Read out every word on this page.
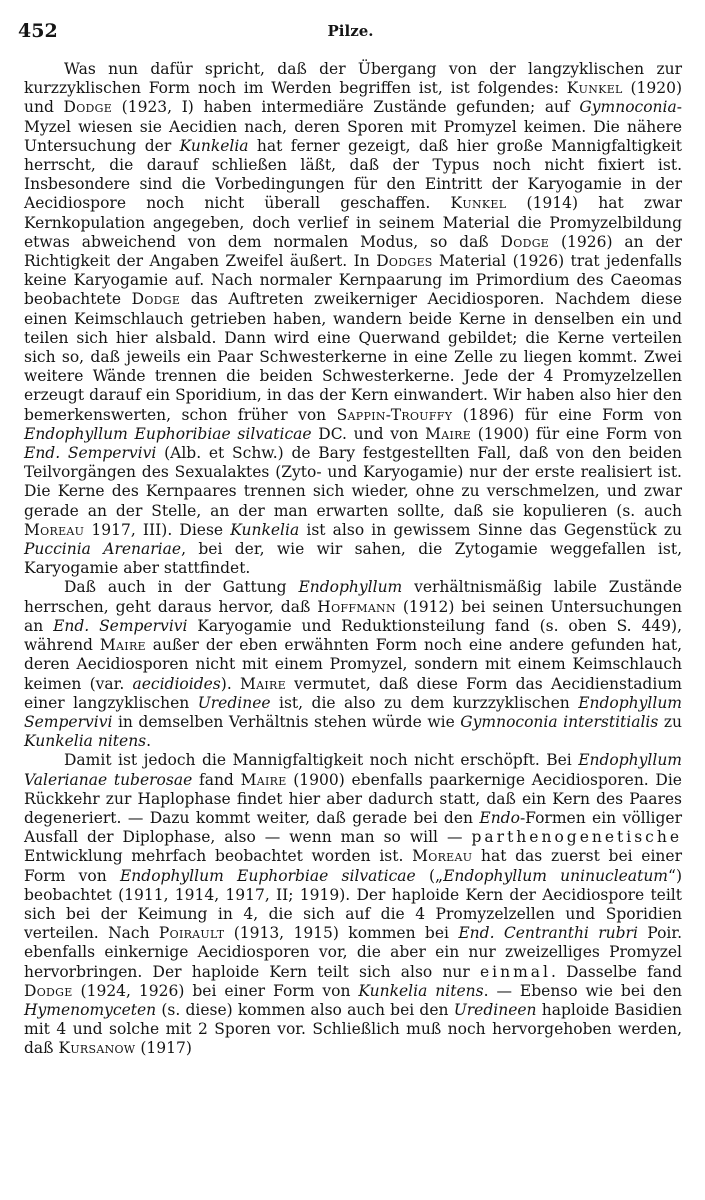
452	Pilze.

Was nun dafür spricht, daß der Übergang von der langzyklischen zur kurzzyklischen Form noch im Werden begriffen ist, ist folgendes: Kunkel (1920) und Dodge (1923, I) haben intermediäre Zustände gefunden; auf Gymnoconia-Myzel wiesen sie Aecidien nach, deren Sporen mit Promyzel keimen. Die nähere Untersuchung der Kunkelia hat ferner gezeigt, daß hier große Mannigfaltigkeit herrscht, die darauf schließen läßt, daß der Typus noch nicht fixiert ist. Insbesondere sind die Vorbedingungen für den Eintritt der Karyogamie in der Aecidiospore noch nicht überall geschaffen. Kunkel (1914) hat zwar Kernkopulation angegeben, doch verlief in seinem Material die Promyzelbildung etwas abweichend von dem normalen Modus, so daß Dodge (1926) an der Richtigkeit der Angaben Zweifel äußert. In Dodges Material (1926) trat jedenfalls keine Karyogamie auf. Nach normaler Kernpaarung im Primordium des Caeomas beobachtete Dodge das Auftreten zweikerniger Aecidiosporen. Nachdem diese einen Keimschlauch getrieben haben, wandern beide Kerne in denselben ein und teilen sich hier alsbald. Dann wird eine Querwand gebildet; die Kerne verteilen sich so, daß jeweils ein Paar Schwesterkerne in eine Zelle zu liegen kommt. Zwei weitere Wände trennen die beiden Schwesterkerne. Jede der 4 Promyzelzellen erzeugt darauf ein Sporidium, in das der Kern einwandert. Wir haben also hier den bemerkenswerten, schon früher von Sappin-Trouffy (1896) für eine Form von Endophyllum Euphoribiae silvaticae DC. und von Maire (1900) für eine Form von End. Sempervivi (Alb. et Schw.) de Bary festgestellten Fall, daß von den beiden Teilvorgängen des Sexualaktes (Zyto- und Karyogamie) nur der erste realisiert ist. Die Kerne des Kernpaares trennen sich wieder, ohne zu verschmelzen, und zwar gerade an der Stelle, an der man erwarten sollte, daß sie kopulieren (s. auch Moreau 1917, III). Diese Kunkelia ist also in gewissem Sinne das Gegenstück zu Puccinia Arenariae, bei der, wie wir sahen, die Zytogamie weggefallen ist, Karyogamie aber stattfindet.

Daß auch in der Gattung Endophyllum verhältnismäßig labile Zustände herrschen, geht daraus hervor, daß Hoffmann (1912) bei seinen Untersuchungen an End. Sempervivi Karyogamie und Reduktionsteilung fand (s. oben S. 449), während Maire außer der eben erwähnten Form noch eine andere gefunden hat, deren Aecidiosporen nicht mit einem Promyzel, sondern mit einem Keimschlauch keimen (var. aecidioides). Maire vermutet, daß diese Form das Aecidienstadium einer langzyklischen Uredinee ist, die also zu dem kurzzyklischen Endophyllum Sempervivi in demselben Verhältnis stehen würde wie Gymnoconia interstitialis zu Kunkelia nitens.

Damit ist jedoch die Mannigfaltigkeit noch nicht erschöpft. Bei Endophyllum Valerianae tuberosae fand Maire (1900) ebenfalls paarkernige Aecidiosporen. Die Rückkehr zur Haplophase findet hier aber dadurch statt, daß ein Kern des Paares degeneriert. — Dazu kommt weiter, daß gerade bei den Endo-Formen ein völliger Ausfall der Diplophase, also — wenn man so will — parthenogenetische Entwicklung mehrfach beobachtet worden ist. Moreau hat das zuerst bei einer Form von Endophyllum Euphorbiae silvaticae („Endophyllum uninucleatum“) beobachtet (1911, 1914, 1917, II; 1919). Der haploide Kern der Aecidiospore teilt sich bei der Keimung in 4, die sich auf die 4 Promyzelzellen und Sporidien verteilen. Nach Poirault (1913, 1915) kommen bei End. Centranthi rubri Poir. ebenfalls einkernige Aecidiosporen vor, die aber ein nur zweizelliges Promyzel hervorbringen. Der haploide Kern teilt sich also nur einmal. Dasselbe fand Dodge (1924, 1926) bei einer Form von Kunkelia nitens. — Ebenso wie bei den Hymenomyceten (s. diese) kommen also auch bei den Uredineen haploide Basidien mit 4 und solche mit 2 Sporen vor. Schließlich muß noch hervorgehoben werden, daß Kursanow (1917)
